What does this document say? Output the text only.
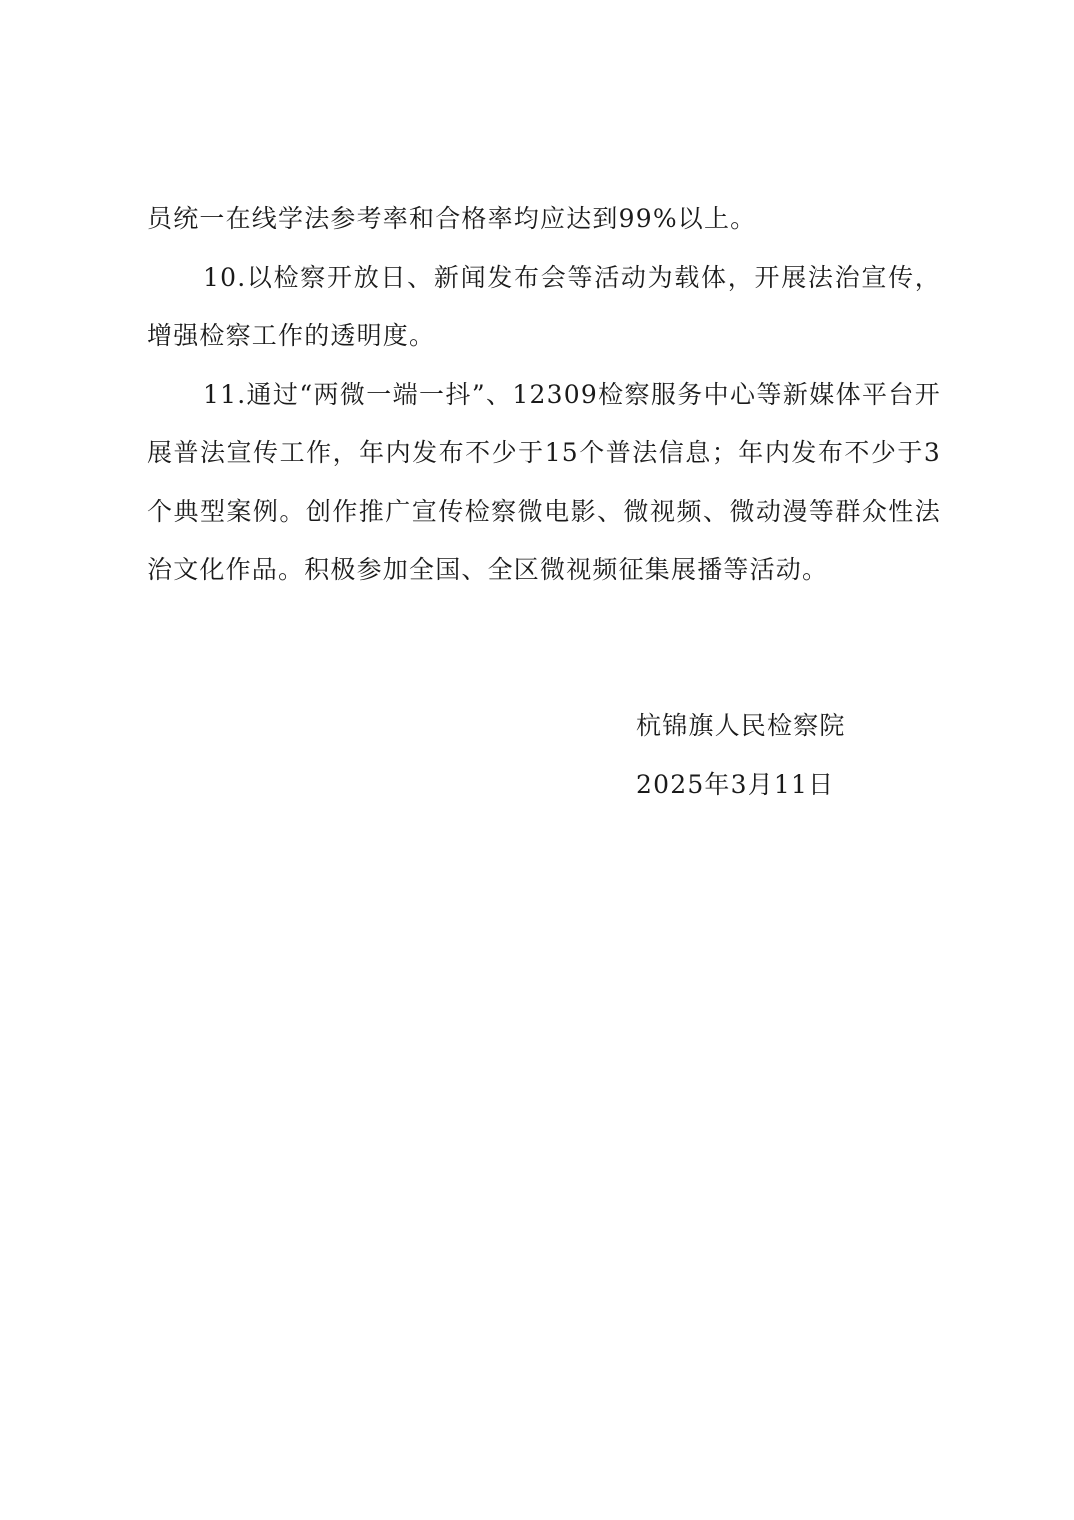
员统一在线学法参考率和合格率均应达到99%以上。

10.以检察开放日、新闻发布会等活动为载体，开展法治宣传，增强检察工作的透明度。

11.通过“两微一端一抖”、12309检察服务中心等新媒体平台开展普法宣传工作，年内发布不少于15个普法信息；年内发布不少于3个典型案例。创作推广宣传检察微电影、微视频、微动漫等群众性法治文化作品。积极参加全国、全区微视频征集展播等活动。

杭锦旗人民检察院
2025年3月11日
